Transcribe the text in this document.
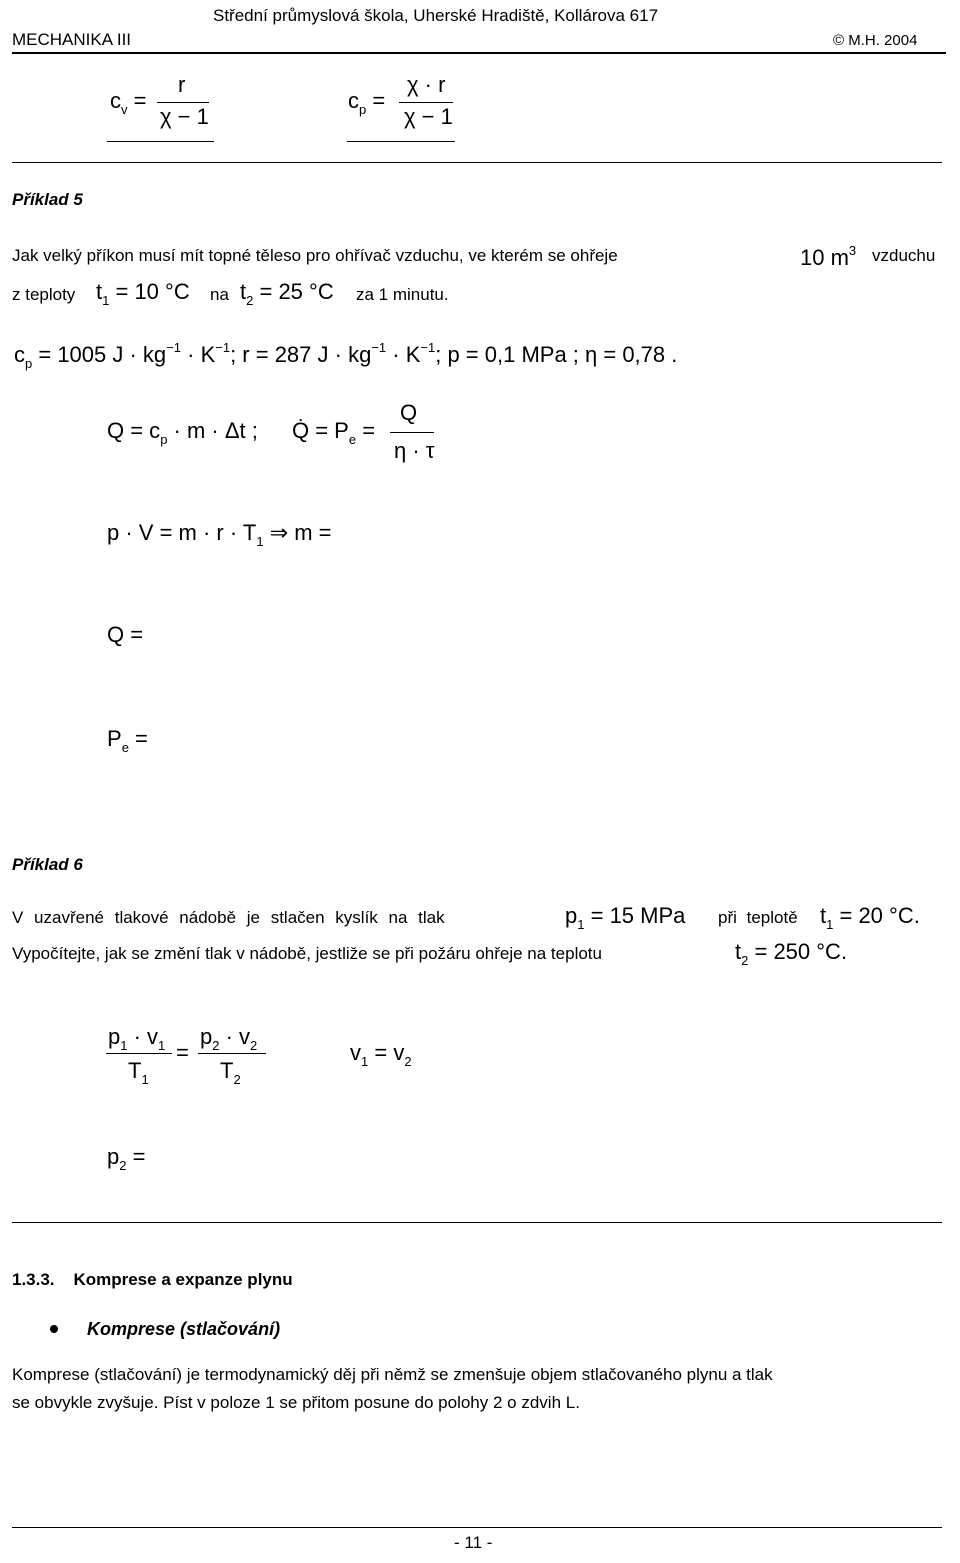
Střední průmyslová škola, Uherské Hradiště, Kollárova 617
MECHANIKA III	© M.H. 2004
$c_v$ =
r
χ − 1
$c_p$ =
χ · r
χ − 1
Příklad 5
Jak velký příkon musí mít topné těleso pro ohřívač vzduchu, ve kterém se ohřeje	10 $m^3$ vzduchu
z teploty $t_1 = 10$ °C na $t_2 = 25$ °C za 1 minutu.
$c_p = 1005$ $J \cdot kg^{-1} \cdot K^{-1}$; r = 287 $J \cdot kg^{-1} \cdot K^{-1}$; p = 0,1 MPa ; η = 0,78 .
$Q = c_p \cdot m \cdot \Delta t$ ; Q̇ = $P_e$ =
Q
η · τ
$p \cdot V = m \cdot r \cdot T_1$ ⇒ m =
Q =
$P_e$ =
Příklad 6
V uzavřené tlakové nádobě je stlačen kyslík na tlak	$p_1 = 15$ MPa při teplotě $t_1 = 20$ °C.
Vypočítejte, jak se změní tlak v nádobě, jestliže se při požáru ohřeje na teplotu	$t_2 = 250$ °C.
$p_1 \cdot v_1$
$T_1$
=
$p_2 \cdot v_2$
$T_2$
$v_1 = v_2$
$p_2$ =
1.3.3. Komprese a expanze plynu
Komprese (stlačování)
Komprese (stlačování) je termodynamický děj při němž se zmenšuje objem stlačovaného plynu a tlak
se obvykle zvyšuje. Píst v poloze 1 se přitom posune do polohy 2 o zdvih L.
- 11 -
